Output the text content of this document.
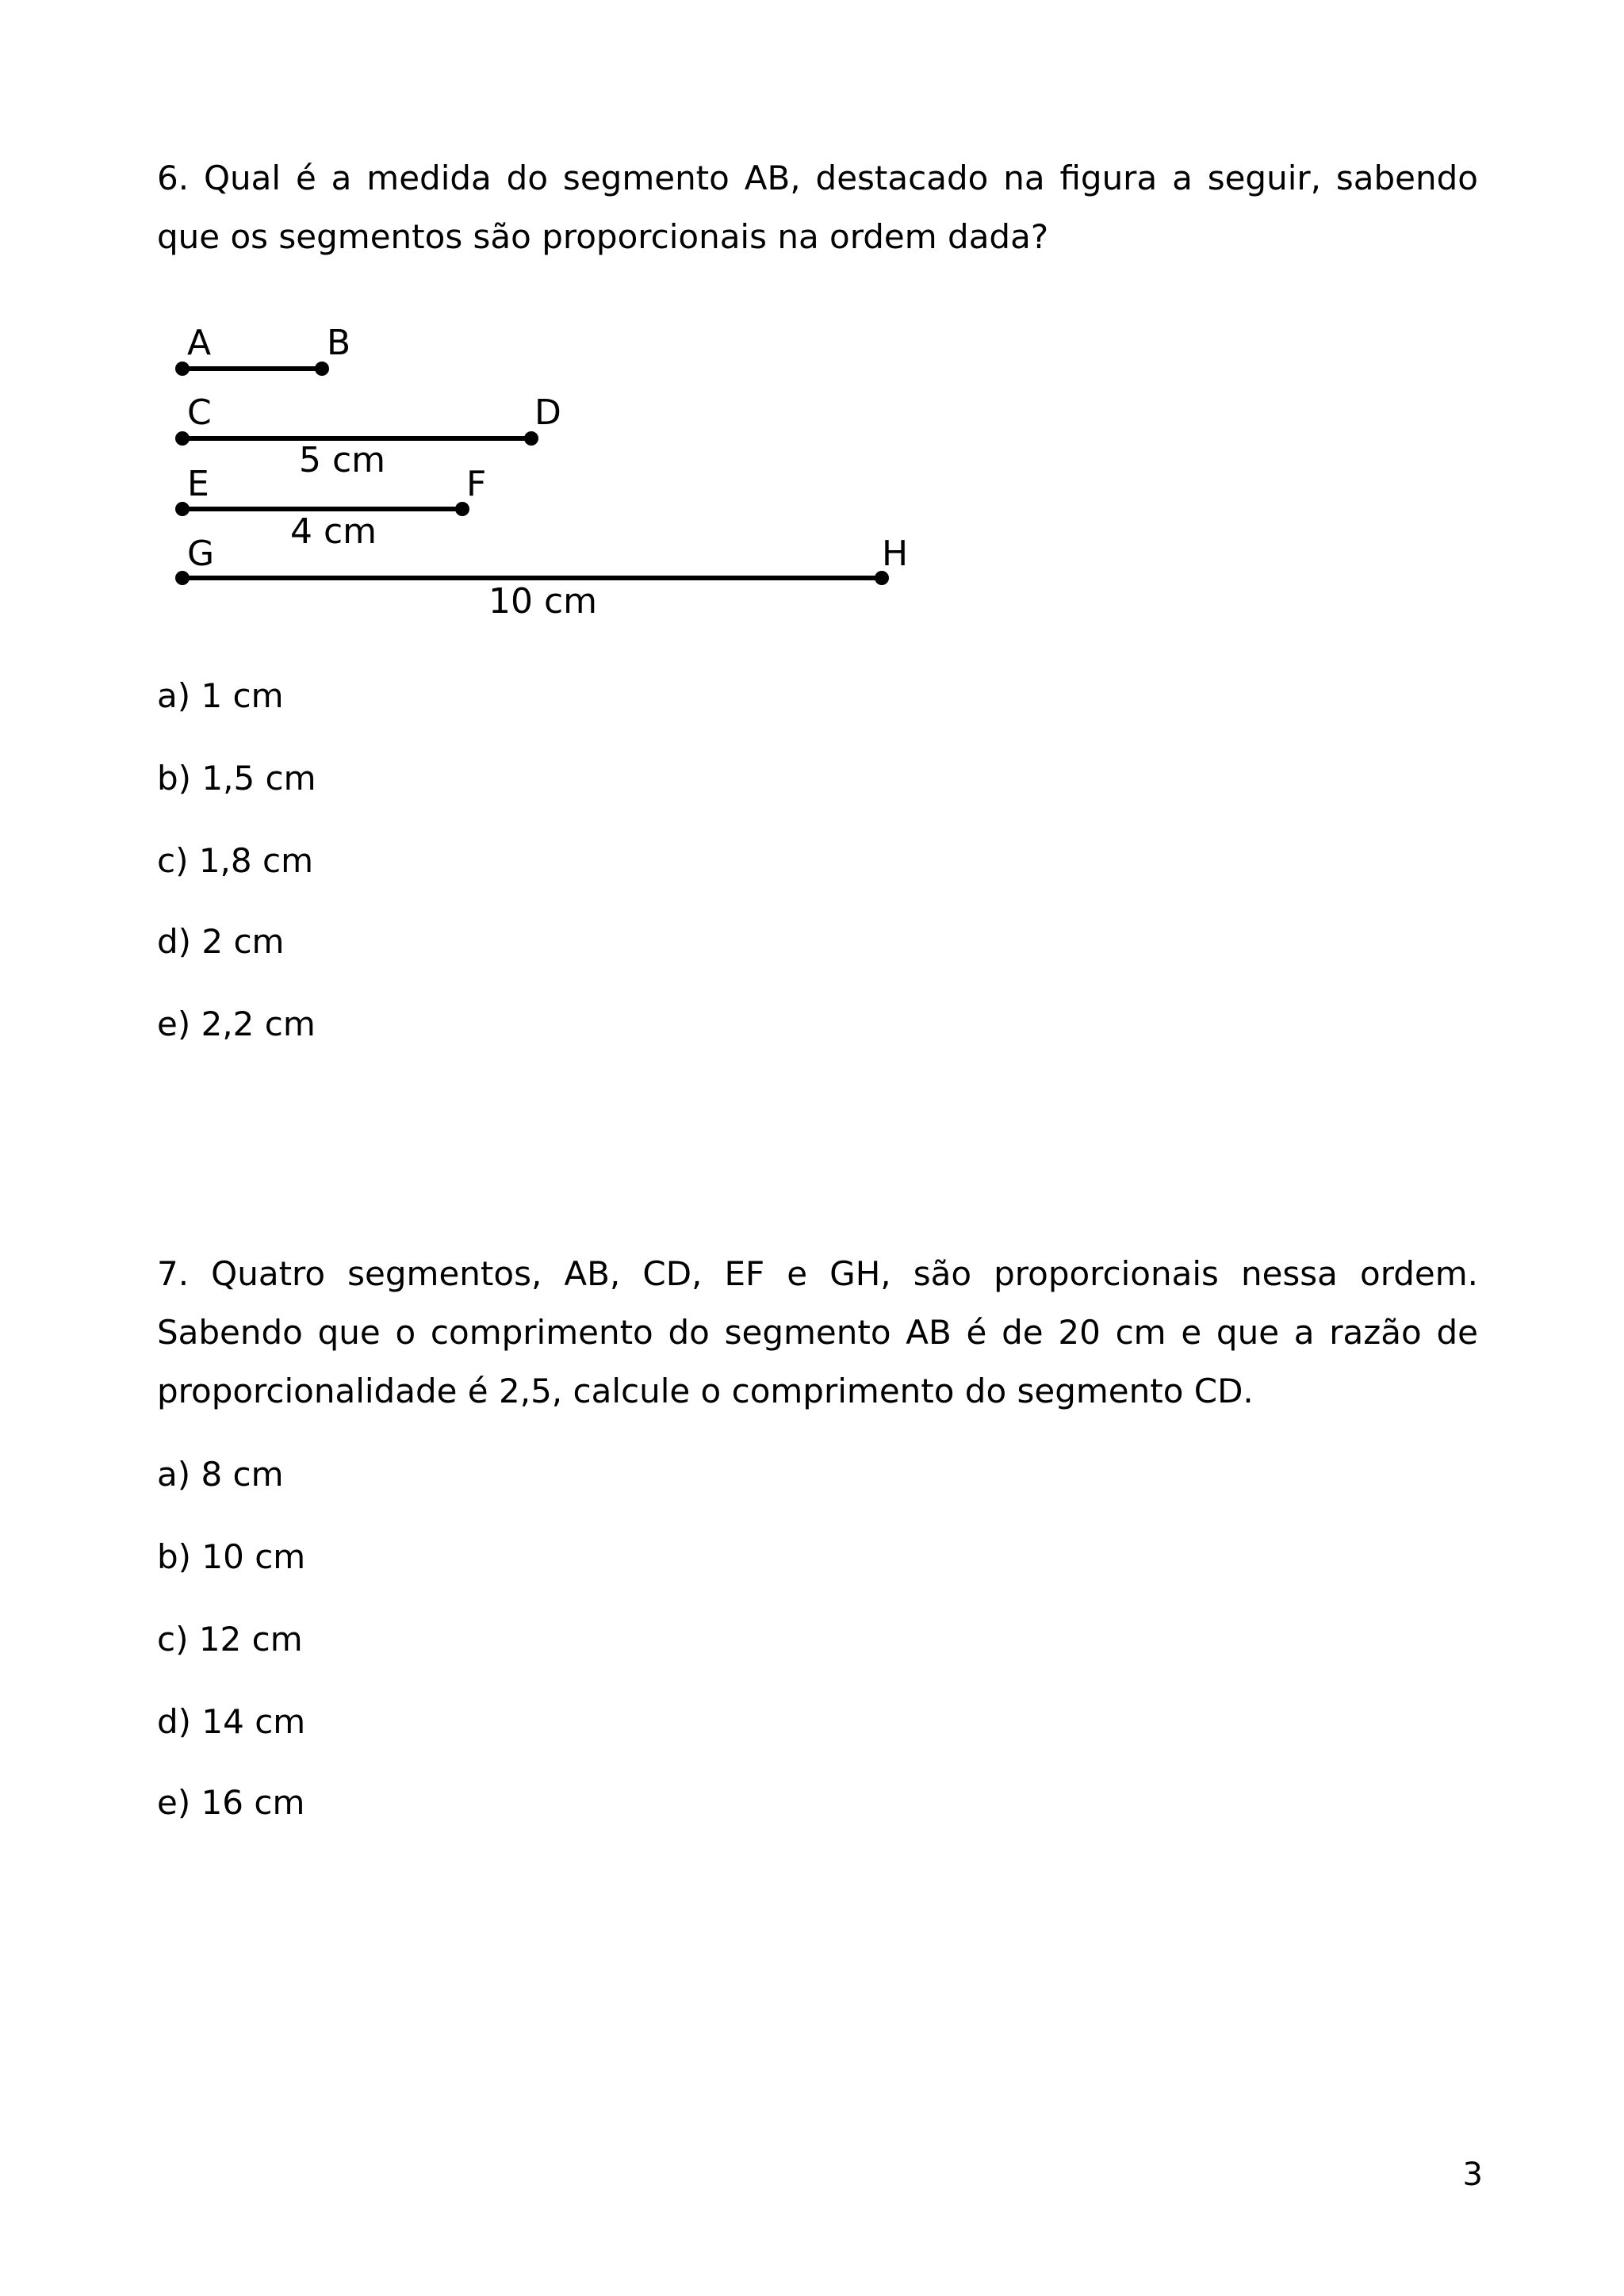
6. Qual é a medida do segmento AB, destacado na figura a seguir, sabendo que os segmentos são proporcionais na ordem dada?

A	B
C	D
E	F
G	H
5 cm
4 cm
10 cm

a) 1 cm

b) 1,5 cm

c) 1,8 cm

d) 2 cm

e) 2,2 cm

7. Quatro segmentos, AB, CD, EF e GH, são proporcionais nessa ordem. Sabendo que o comprimento do segmento AB é de 20 cm e que a razão de proporcionalidade é 2,5, calcule o comprimento do segmento CD.

a) 8 cm

b) 10 cm

c) 12 cm

d) 14 cm

e) 16 cm

3
